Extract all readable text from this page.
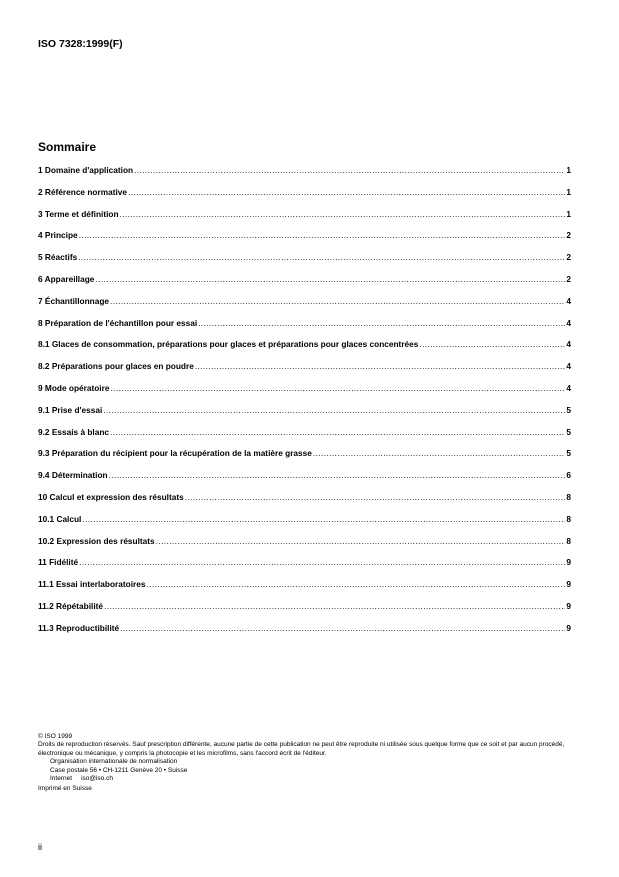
ISO 7328:1999(F)
Sommaire
1 Domaine d'application .....	1
2 Référence normative .....	1
3 Terme et définition .....	1
4 Principe .....	2
5 Réactifs .....	2
6 Appareillage .....	2
7 Échantillonnage .....	4
8 Préparation de l'échantillon pour essai .....	4
8.1 Glaces de consommation, préparations pour glaces et préparations pour glaces concentrées .....	4
8.2 Préparations pour glaces en poudre .....	4
9 Mode opératoire .....	4
9.1 Prise d'essai .....	5
9.2 Essais à blanc .....	5
9.3 Préparation du récipient pour la récupération de la matière grasse .....	5
9.4 Détermination .....	6
10 Calcul et expression des résultats .....	8
10.1 Calcul .....	8
10.2 Expression des résultats .....	8
11 Fidélité .....	9
11.1 Essai interlaboratoires .....	9
11.2 Répétabilité .....	9
11.3 Reproductibilité .....	9
© ISO 1999
Droits de reproduction réservés. Sauf prescription différente, aucune partie de cette publication ne peut être reproduite ni utilisée sous quelque forme que ce soit et par aucun procédé, électronique ou mécanique, y compris la photocopie et les microfilms, sans l'accord écrit de l'éditeur.
Organisation internationale de normalisation
Case postale 56 • CH-1211 Genève 20 • Suisse
Internet iso@iso.ch
Imprimé en Suisse
ii
